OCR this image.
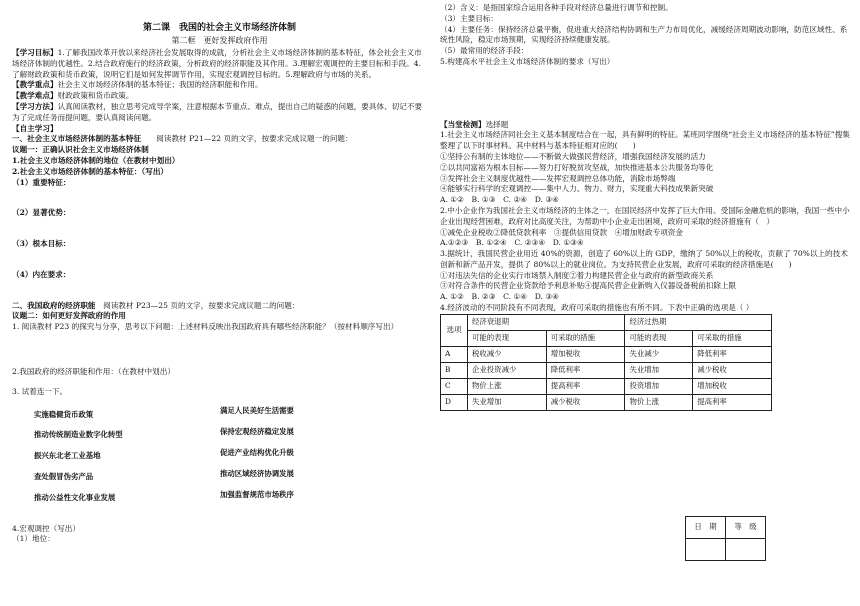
第二课　我国的社会主义市场经济体制

第二框　更好发挥政府作用

【学习目标】1.了解我国改革开放以来经济社会发展取得的成就，分析社会主义市场经济体制的基本特征，体会社会主义市场经济体制的优越性。2.结合政府施行的经济政策，分析政府的经济职能及其作用。3.理解宏观调控的主要目标和手段。4.了解财政政策和货币政策，说明它们是如何发挥调节作用，实现宏观调控目标的。5.理解政府与市场的关系。

【教学重点】社会主义市场经济体制的基本特征；我国的经济职能和作用。

【教学难点】财政政策和货币政策。

【学习方法】认真阅读教材，独立思考完成导学案，注意根据本节重点、难点，提出自己的疑惑的问题，要具体、切记不要为了完成任务而提问题，要认真阅读问题。

【自主学习】

一、社会主义市场经济体制的基本特征　　 阅读教材 P21—22 页的文字，按要求完成议题一的问题：

议题一：正确认识社会主义市场经济体制

1.社会主义市场经济体制的地位（在教材中划出）

2.社会主义市场经济体制的基本特征：（写出）

（1）重要特征：

（2）显著优势：

（3）根本目标：

（4）内在要求：

二、我国政府的经济职能　 阅读教材 P23—25 页的文字，按要求完成议题二的问题：

议题二：如何更好发挥政府的作用

1. 阅读教材 P23 的探究与分享，思考以下问题：上述材料反映出我国政府具有哪些经济职能？（按材料顺序写出）

2.我国政府的经济职能和作用：（在教材中划出）

3. 试着连一下。

实施稳健货币政策
推动传统制造业数字化转型
振兴东北老工业基地
查处假冒伪劣产品
推动公益性文化事业发展
满足人民美好生活需要
保持宏观经济稳定发展
促进产业结构优化升级
推动区域经济协调发展
加强监督规范市场秩序

4.宏观调控（写出）

（1）地位：

（2）含义：是指国家综合运用各种手段对经济总量进行调节和控制。

（3）主要目标：

（4）主要任务：保持经济总量平衡，促进重大经济结构协调和生产力布局优化，减缓经济周期波动影响，防范区域性、系统性风险，稳定市场预期，实现经济持续健康发展。

（5）最常用的经济手段：

5.构建高水平社会主义市场经济体制的要求（写出）

【当堂检测】选择题

1.社会主义市场经济同社会主义基本制度结合在一起，具有鲜明的特征。某班同学围绕“社会主义市场经济的基本特征”搜集整理了以下时事材料。其中材料与基本特征相对应的(　　)

①坚持公有制的主体地位——不断做大做强民营经济，增强我国经济发展的活力

②以共同富裕为根本目标——努力打好脱贫攻坚战，加快推进基本公共服务均等化

③发挥社会主义制度优越性——发挥宏观调控总体功能，消除市场弊端

④能够实行科学的宏观调控——集中人力、物力、财力，实现重大科技成果新突破

A. ①②　B. ①③　C. ②④　D. ③④

2.中小企业作为我国社会主义市场经济的主体之一，在国民经济中发挥了巨大作用。受国际金融危机的影响，我国一些中小企业出现经营困难，政府对比高度关注，为帮助中小企业走出困境，政府可采取的经济措施有（　）

①减免企业税收②降低贷款利率　③提供信用贷款　④增加财政专项资金

A.①②③　B. ①②④　C. ②③④　D. ①③④

3.据统计，我国民营企业用近 40%的资源，创造了 60%以上的 GDP，缴纳了 50%以上的税收，贡献了 70%以上的技术创新和新产品开发，提供了 80%以上的就业岗位。为支持民营企业发展，政府可采取的经济措施是(　　)

①对违法失信的企业实行市场禁入制度②着力构建民营企业与政府的新型政商关系

③对符合条件的民营企业贷款给予利息补贴④提高民营企业新购入仪器设备税前扣除上限

A. ①②　B. ②③　C. ①④　D. ③④

4.经济波动的不同阶段有不同表现，政府可采取的措施也有所不同。下表中正确的选项是（ ）

选项	经济衰退期		经济过热期	
	可能的表现	可采取的措施	可能的表现	可采取的措施
A	税收减少	增加税收	失业减少	降低利率
B	企业投资减少	降低利率	失业增加	减少税收
C	物价上涨	提高利率	投资增加	增加税收
D	失业增加	减少税收	物价上涨	提高利率
日　期	等　级
